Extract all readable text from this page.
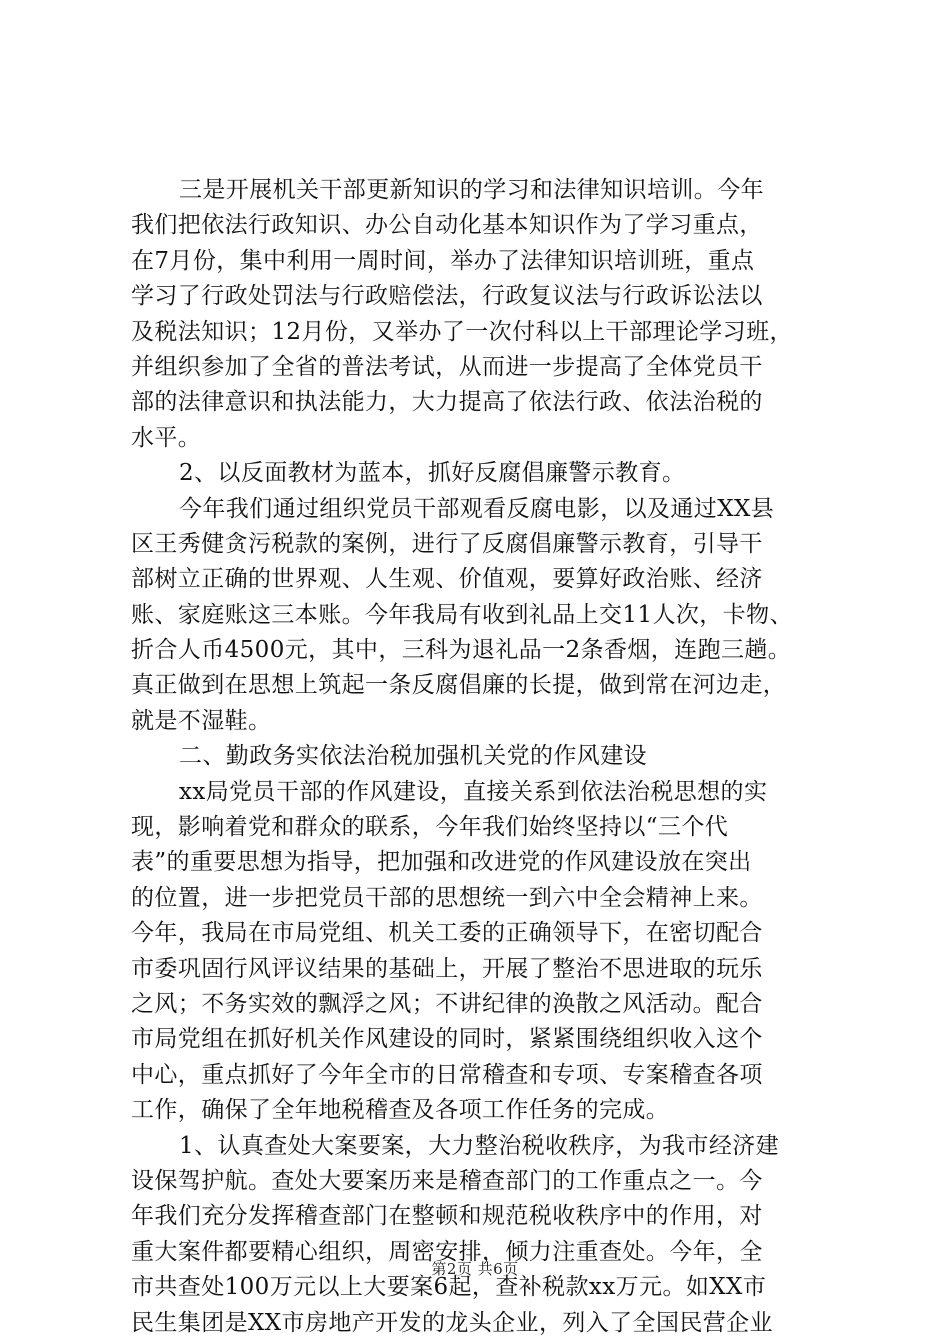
三是开展机关干部更新知识的学习和法律知识培训。今年
我们把依法行政知识、办公自动化基本知识作为了学习重点，
在7月份，集中利用一周时间，举办了法律知识培训班，重点
学习了行政处罚法与行政赔偿法，行政复议法与行政诉讼法以
及税法知识；12月份，又举办了一次付科以上干部理论学习班，
并组织参加了全省的普法考试，从而进一步提高了全体党员干
部的法律意识和执法能力，大力提高了依法行政、依法治税的
水平。
2、以反面教材为蓝本，抓好反腐倡廉警示教育。
今年我们通过组织党员干部观看反腐电影，以及通过XX县
区王秀健贪污税款的案例，进行了反腐倡廉警示教育，引导干
部树立正确的世界观、人生观、价值观，要算好政治账、经济
账、家庭账这三本账。今年我局有收到礼品上交11人次，卡物、
折合人币4500元，其中，三科为退礼品一2条香烟，连跑三趟。
真正做到在思想上筑起一条反腐倡廉的长提，做到常在河边走，
就是不湿鞋。
二、勤政务实依法治税加强机关党的作风建设
xx局党员干部的作风建设，直接关系到依法治税思想的实
现，影响着党和群众的联系，今年我们始终坚持以“三个代
表”的重要思想为指导，把加强和改进党的作风建设放在突出
的位置，进一步把党员干部的思想统一到六中全会精神上来。
今年，我局在市局党组、机关工委的正确领导下，在密切配合
市委巩固行风评议结果的基础上，开展了整治不思进取的玩乐
之风；不务实效的飘浮之风；不讲纪律的涣散之风活动。配合
市局党组在抓好机关作风建设的同时，紧紧围绕组织收入这个
中心，重点抓好了今年全市的日常稽查和专项、专案稽查各项
工作，确保了全年地税稽查及各项工作任务的完成。
1、认真查处大案要案，大力整治税收秩序，为我市经济建
设保驾护航。查处大要案历来是稽查部门的工作重点之一。今
年我们充分发挥稽查部门在整顿和规范税收秩序中的作用，对
重大案件都要精心组织，周密安排，倾力注重查处。今年，全
市共查处100万元以上大要案6起，查补税款xx万元。如XX市
民生集团是XX市房地产开发的龙头企业，列入了全国民营企业
第2页 共6页
